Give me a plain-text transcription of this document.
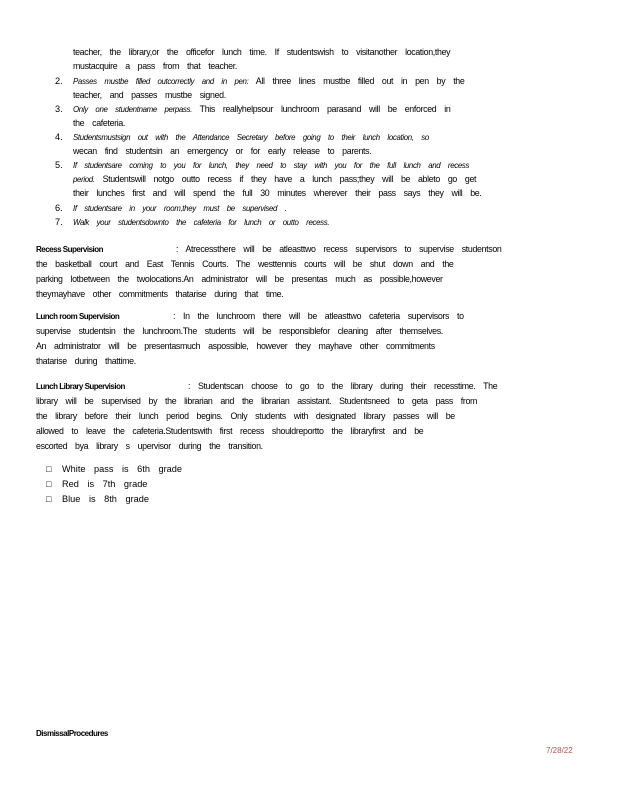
teacher, the library,or the officefor lunch time. If studentswish to visitanother location,they
mustacquire a pass from that teacher.
2. Passes mustbe filled outcorrectly and in pen: All three lines mustbe filled out in pen by the
teacher, and passes mustbe signed.
3. Only one studentname perpass. This reallyhelpsour lunchroom parasand will be enforced in
the cafeteria.
4. Studentsmustsign out with the Attendance Secretary before going to their lunch location, so
wecan find studentsin an emergency or for early release to parents.
5. If studentsare coming to you for lunch, they need to stay with you for the full lunch and recess
period. Studentswill notgo outto recess if they have a lunch pass;they will be ableto go get
their lunches first and will spend the full 30 minutes wherever their pass says they will be.
6. If studentsare in your room,they must be supervised .
7. Walk your studentsdownto the cafeteria for lunch or outto recess.
Recess Supervision	: Atrecessthere will be atleasttwo recess supervisors to supervise studentson
the basketball court and East Tennis Courts. The westtennis courts will be shut down and the
parking lotbetween the twolocations.An administrator will be presentas much as possible,however
theymayhave other commitments thatarise during that time.
Lunch room Supervision	: In the lunchroom there will be atleasttwo cafeteria supervisors to
supervise studentsin the lunchroom.The students will be responsiblefor cleaning after themselves.
An administrator will be presentasmuch aspossible, however they mayhave other commitments
thatarise during thattime.
Lunch Library Supervision	: Studentscan choose to go to the library during their recesstime. The
library will be supervised by the librarian and the librarian assistant. Studentsneed to geta pass from
the library before their lunch period begins. Only students with designated library passes will be
allowed to leave the cafeteria.Studentswith first recess shouldreportto the libraryfirst and be
escorted bya library s upervisor during the transition.
□ White pass is 6th grade
□ Red is 7th grade
□ Blue is 8th grade
DismissalProcedures
7/28/22
